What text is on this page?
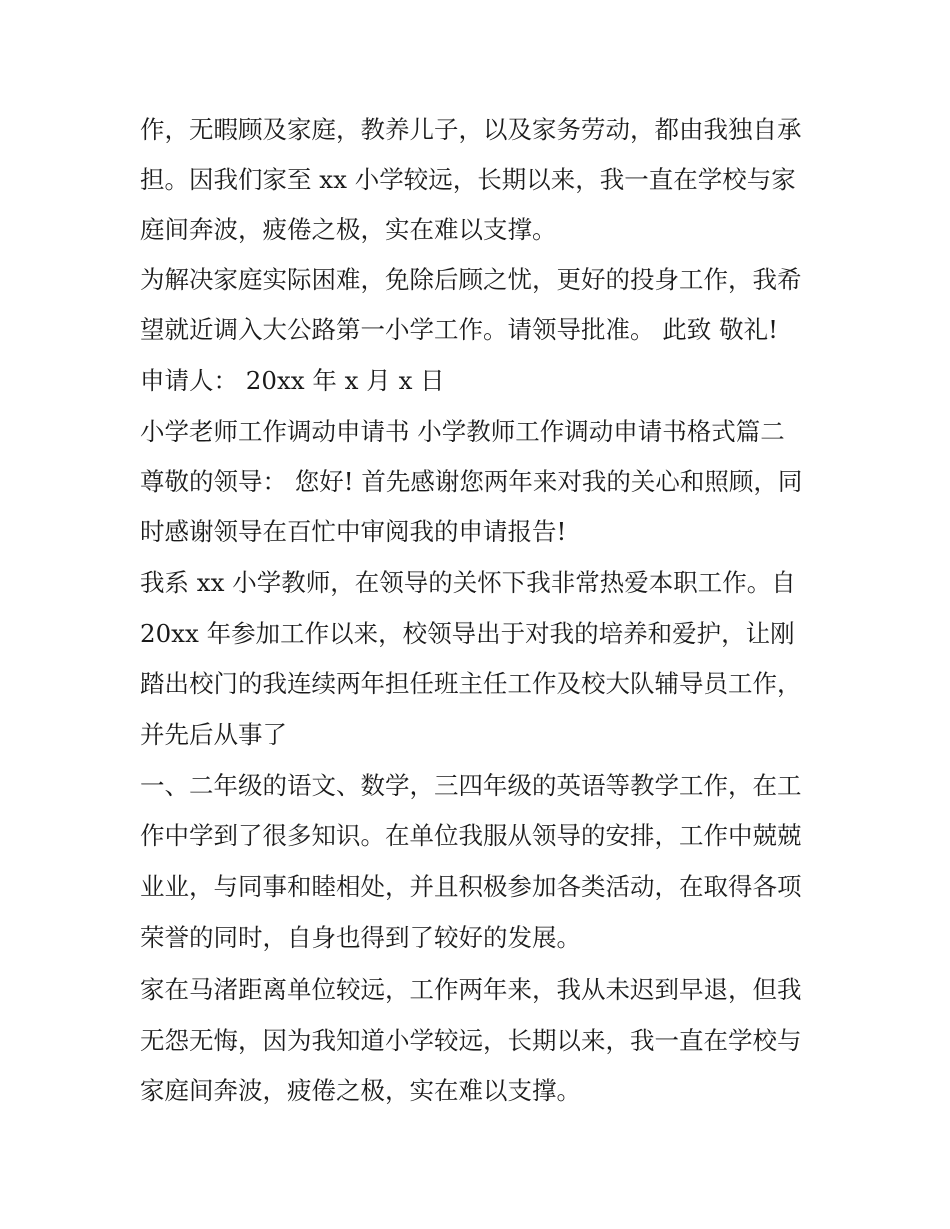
作，无暇顾及家庭，教养儿子，以及家务劳动，都由我独自承
担。因我们家至 xx 小学较远，长期以来，我一直在学校与家
庭间奔波，疲倦之极，实在难以支撑。
为解决家庭实际困难，免除后顾之忧，更好的投身工作，我希
望就近调入大公路第一小学工作。请领导批准。 此致 敬礼!
申请人： 20xx 年 x 月 x 日
小学老师工作调动申请书 小学教师工作调动申请书格式篇二
尊敬的领导： 您好! 首先感谢您两年来对我的关心和照顾，同
时感谢领导在百忙中审阅我的申请报告!
我系 xx 小学教师，在领导的关怀下我非常热爱本职工作。自
20xx 年参加工作以来，校领导出于对我的培养和爱护，让刚
踏出校门的我连续两年担任班主任工作及校大队辅导员工作，
并先后从事了
一、二年级的语文、数学，三四年级的英语等教学工作，在工
作中学到了很多知识。在单位我服从领导的安排，工作中兢兢
业业，与同事和睦相处，并且积极参加各类活动，在取得各项
荣誉的同时，自身也得到了较好的发展。
家在马渚距离单位较远，工作两年来，我从未迟到早退，但我
无怨无悔，因为我知道小学较远，长期以来，我一直在学校与
家庭间奔波，疲倦之极，实在难以支撑。
